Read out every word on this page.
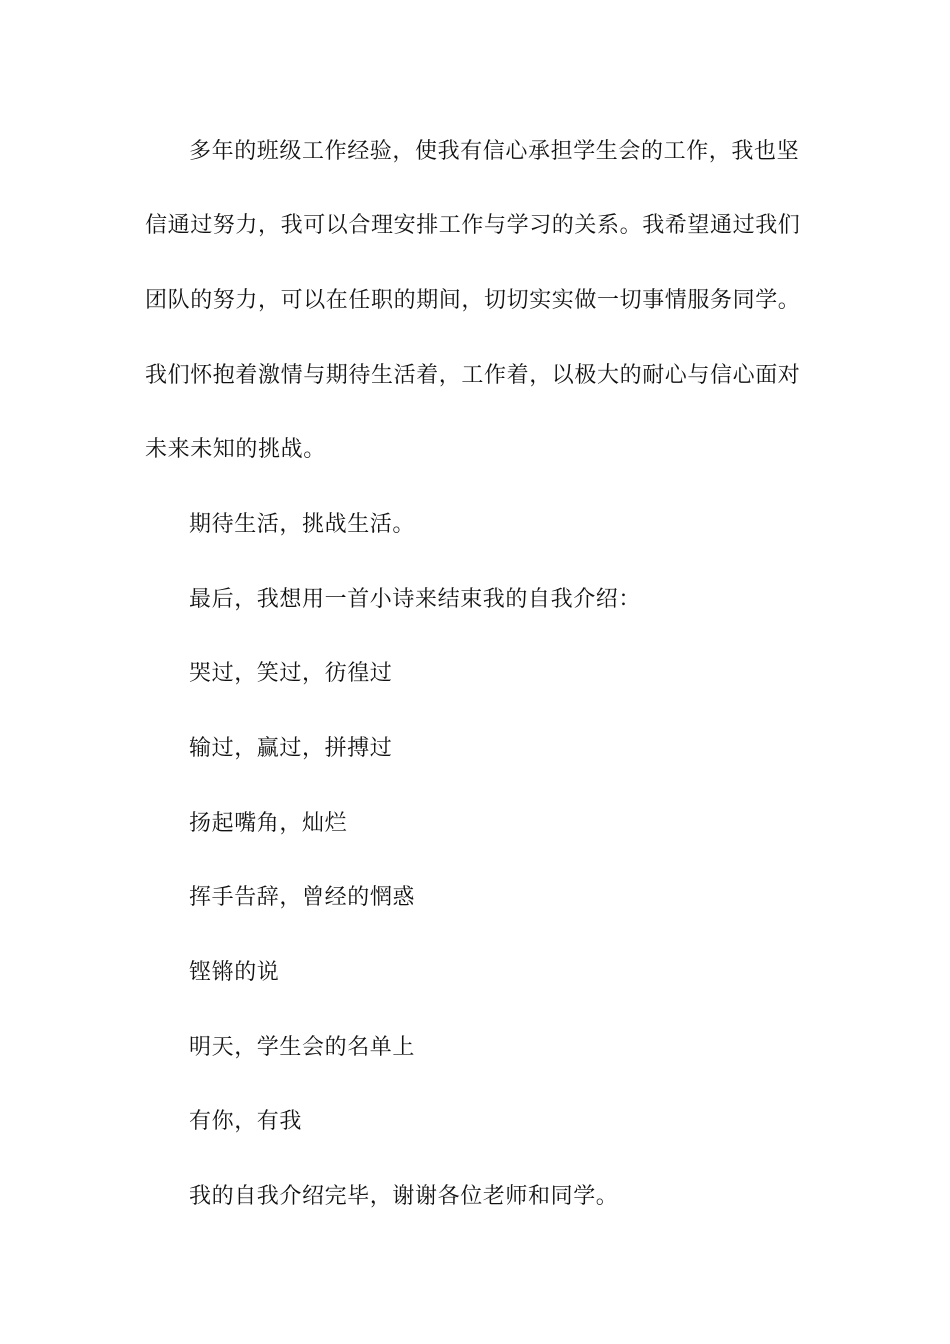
多年的班级工作经验，使我有信心承担学生会的工作，我也坚
信通过努力，我可以合理安排工作与学习的关系。我希望通过我们
团队的努力，可以在任职的期间，切切实实做一切事情服务同学。
我们怀抱着激情与期待生活着，工作着，以极大的耐心与信心面对
未来未知的挑战。
期待生活，挑战生活。
最后，我想用一首小诗来结束我的自我介绍：
哭过，笑过，彷徨过
输过，赢过，拼搏过
扬起嘴角，灿烂
挥手告辞，曾经的惘惑
铿锵的说
明天，学生会的名单上
有你，有我
我的自我介绍完毕，谢谢各位老师和同学。
